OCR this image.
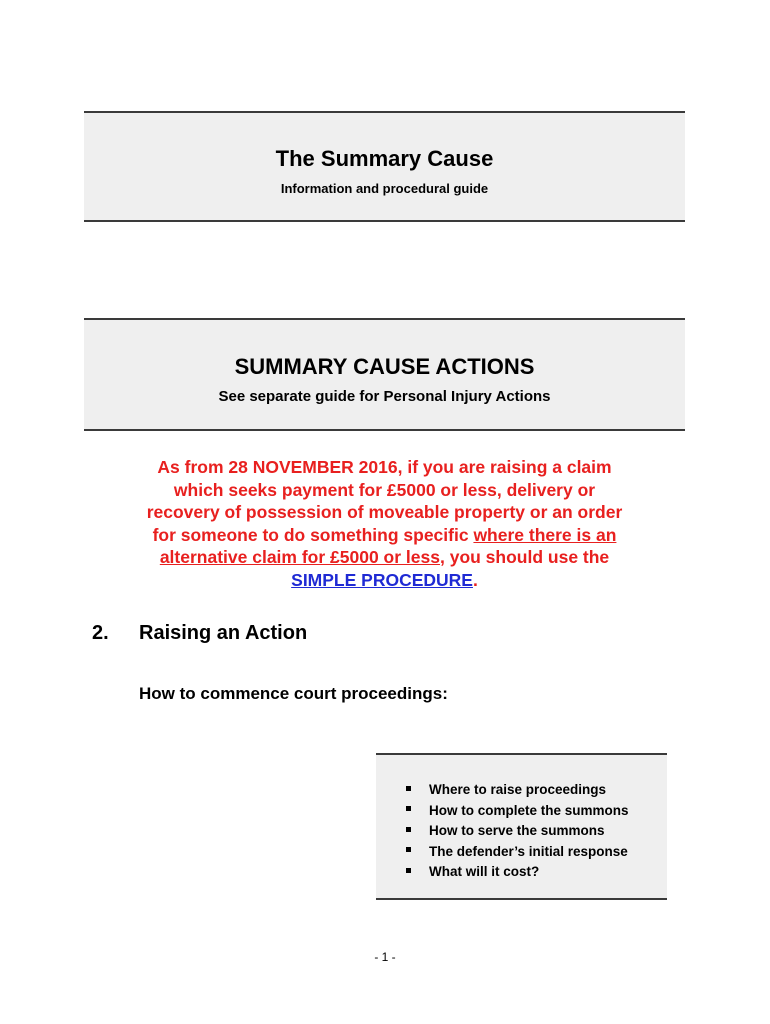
The Summary Cause
Information and procedural guide
SUMMARY CAUSE ACTIONS
See separate guide for Personal Injury Actions
As from 28 NOVEMBER 2016, if you are raising a claim
which seeks payment for £5000 or less, delivery or
recovery of possession of moveable property or an order
for someone to do something specific where there is an
alternative claim for £5000 or less, you should use the
SIMPLE PROCEDURE.
2. Raising an Action
How to commence court proceedings:
Where to raise proceedings
How to complete the summons
How to serve the summons
The defender’s initial response
What will it cost?
- 1 -
